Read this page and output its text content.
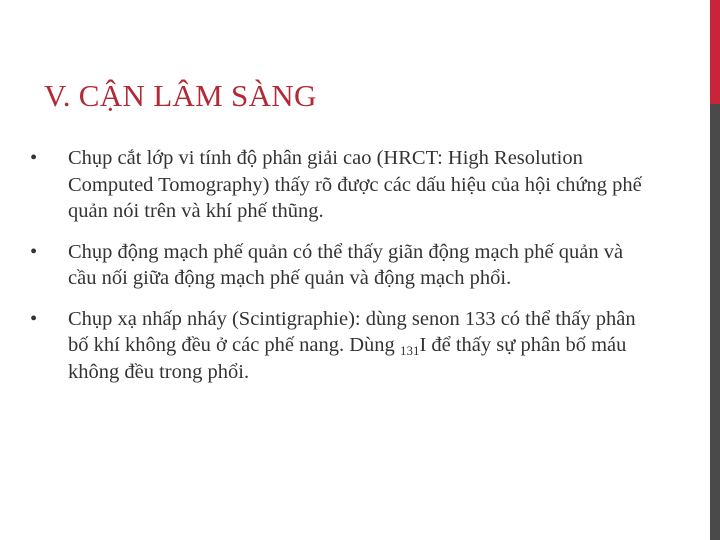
V. CẬN LÂM SÀNG
•	Chụp cắt lớp vi tính độ phân giải cao (HRCT: High Resolution Computed Tomography) thấy rõ được các dấu hiệu của hội chứng phế quản nói trên và khí phế thũng.
•	Chụp động mạch phế quản có thể thấy giãn động mạch phế quản và cầu nối giữa động mạch phế quản và động mạch phổi.
•	Chụp xạ nhấp nháy (Scintigraphie): dùng senon 133 có thể thấy phân bố khí không đều ở các phế nang. Dùng $_{131}$I để thấy sự phân bố máu không đều trong phổi.
